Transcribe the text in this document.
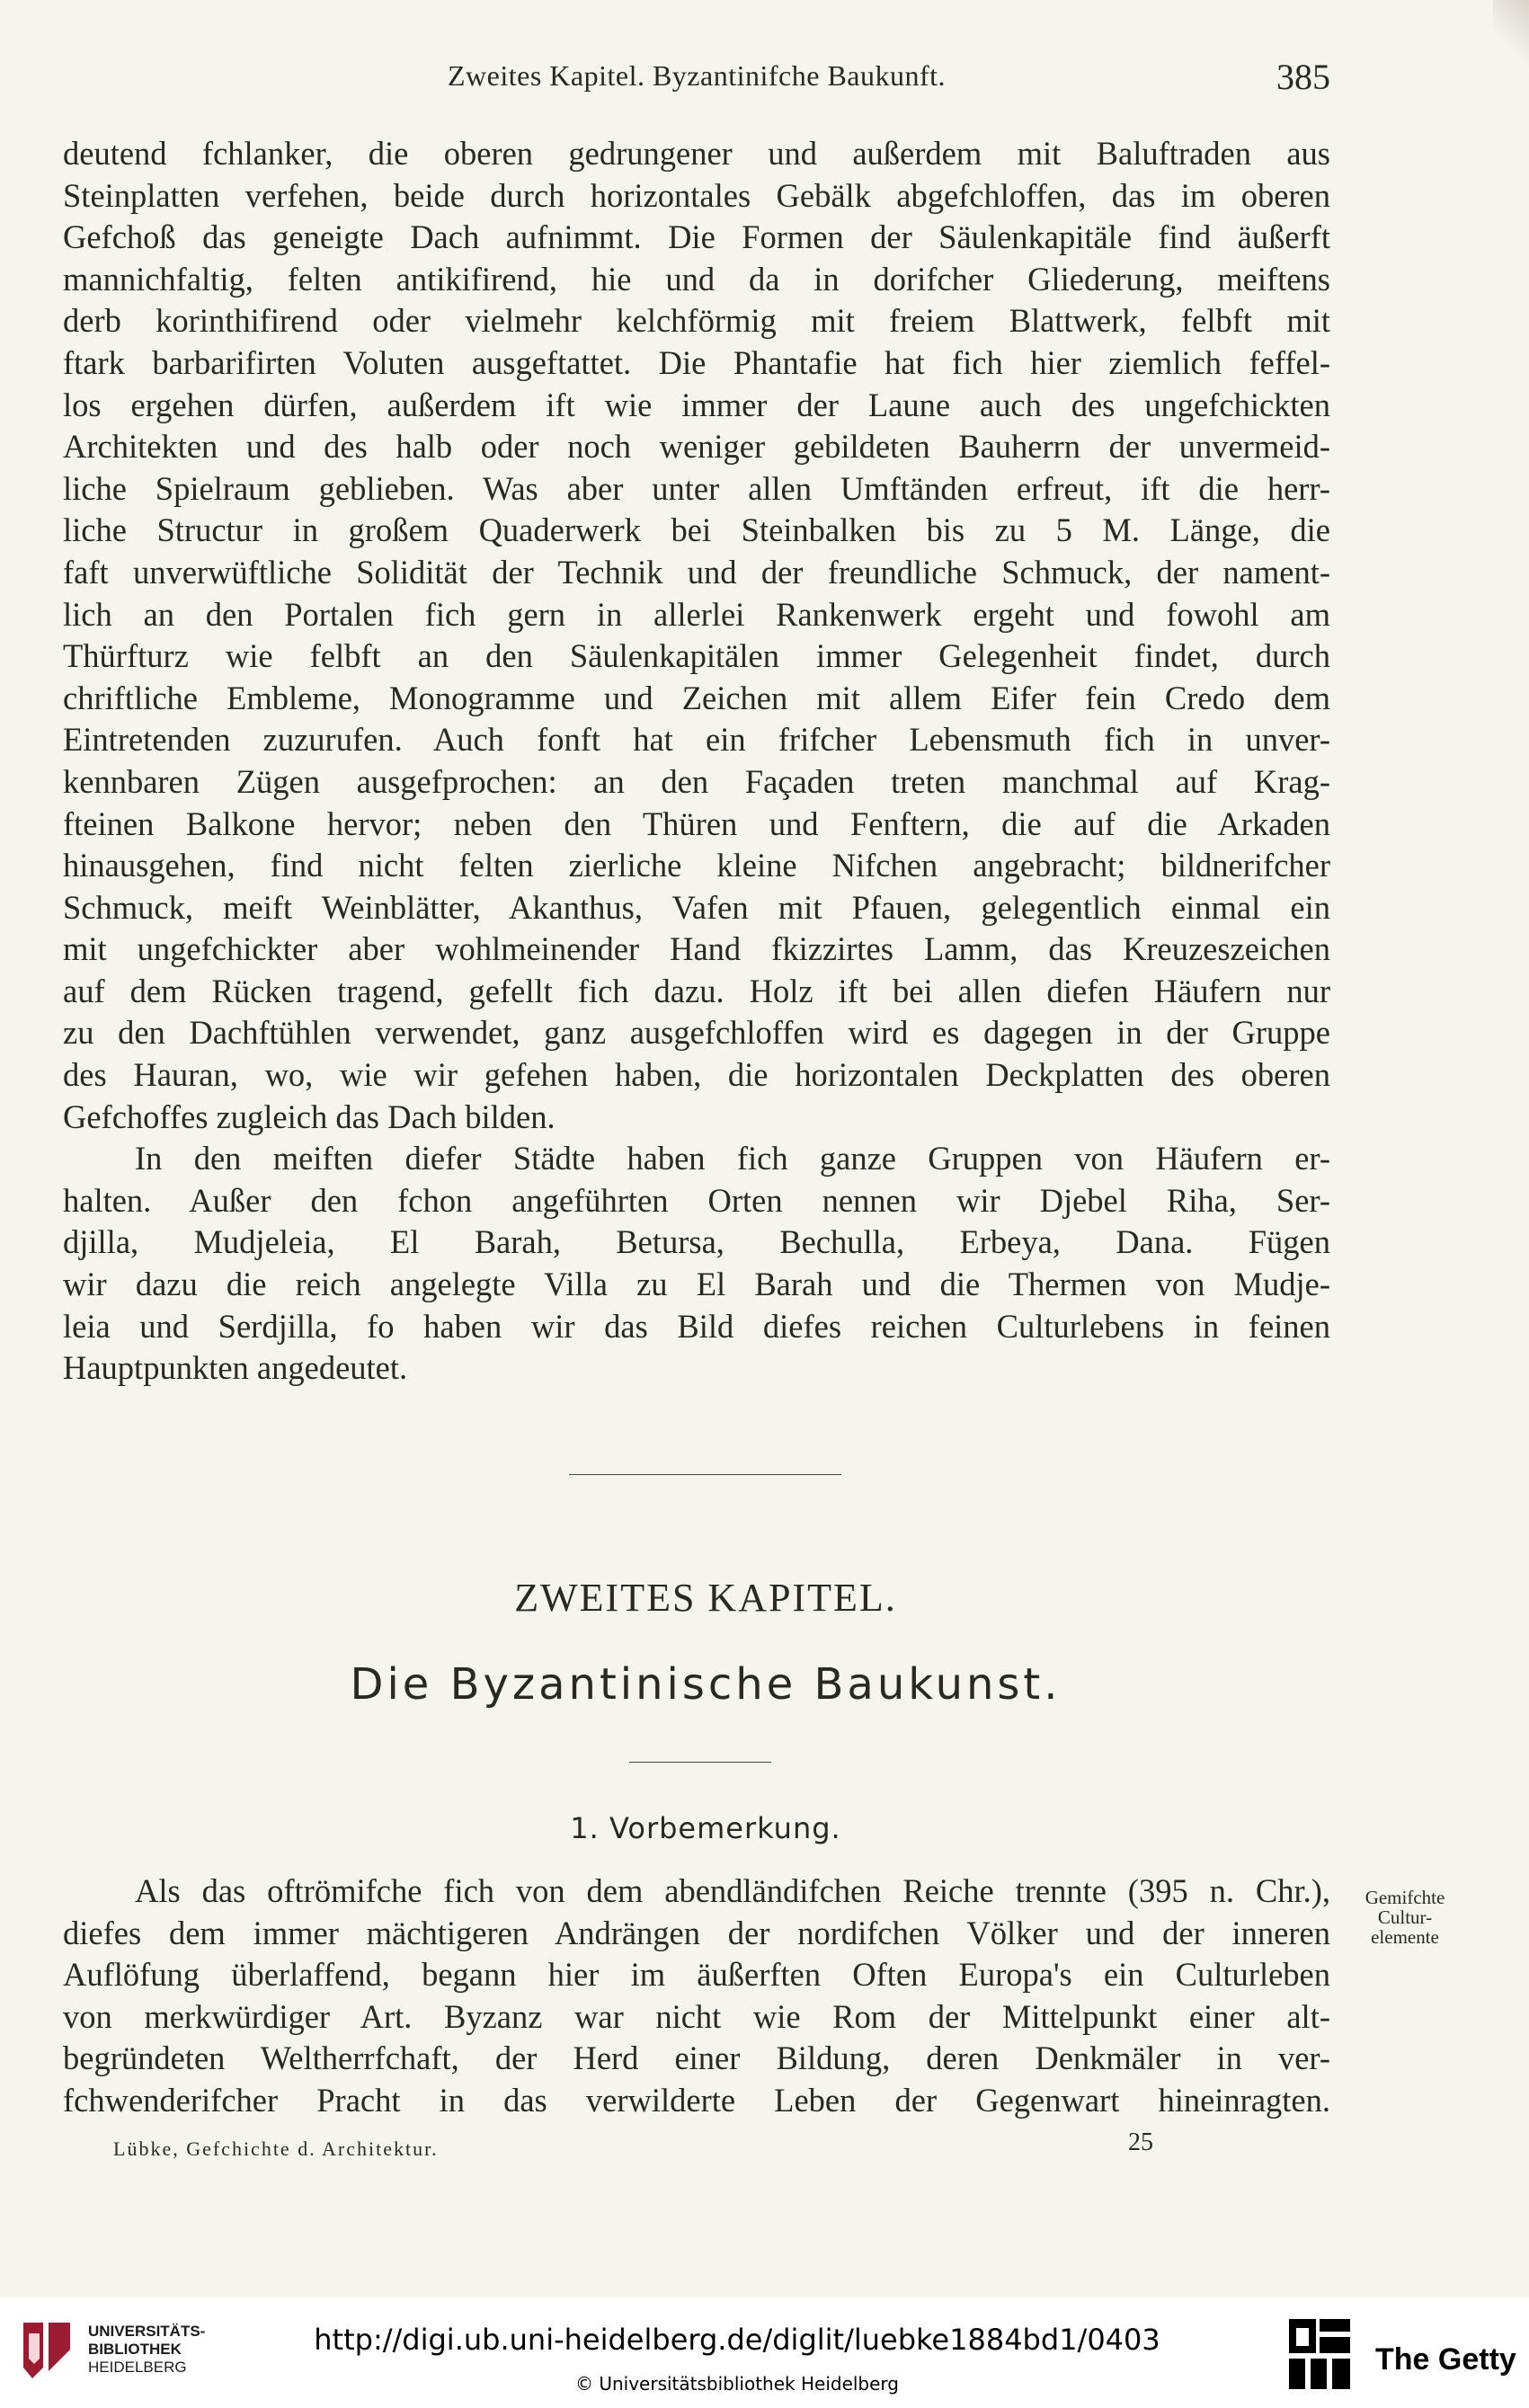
Zweites Kapitel. Byzantinifche Baukunft.	385
deutend fchlanker, die oberen gedrungener und außerdem mit Baluftraden aus
Steinplatten verfehen, beide durch horizontales Gebälk abgefchloffen, das im oberen
Gefchoß das geneigte Dach aufnimmt. Die Formen der Säulenkapitäle find äußerft
mannichfaltig, felten antikifirend, hie und da in dorifcher Gliederung, meiftens
derb korinthifirend oder vielmehr kelchförmig mit freiem Blattwerk, felbft mit
ftark barbarifirten Voluten ausgeftattet. Die Phantafie hat fich hier ziemlich feffel-
los ergehen dürfen, außerdem ift wie immer der Laune auch des ungefchickten
Architekten und des halb oder noch weniger gebildeten Bauherrn der unvermeid-
liche Spielraum geblieben. Was aber unter allen Umftänden erfreut, ift die herr-
liche Structur in großem Quaderwerk bei Steinbalken bis zu 5 M. Länge, die
faft unverwüftliche Solidität der Technik und der freundliche Schmuck, der nament-
lich an den Portalen fich gern in allerlei Rankenwerk ergeht und fowohl am
Thürfturz wie felbft an den Säulenkapitälen immer Gelegenheit findet, durch
chriftliche Embleme, Monogramme und Zeichen mit allem Eifer fein Credo dem
Eintretenden zuzurufen. Auch fonft hat ein frifcher Lebensmuth fich in unver-
kennbaren Zügen ausgefprochen: an den Façaden treten manchmal auf Krag-
fteinen Balkone hervor; neben den Thüren und Fenftern, die auf die Arkaden
hinausgehen, find nicht felten zierliche kleine Nifchen angebracht; bildnerifcher
Schmuck, meift Weinblätter, Akanthus, Vafen mit Pfauen, gelegentlich einmal ein
mit ungefchickter aber wohlmeinender Hand fkizzirtes Lamm, das Kreuzeszeichen
auf dem Rücken tragend, gefellt fich dazu. Holz ift bei allen diefen Häufern nur
zu den Dachftühlen verwendet, ganz ausgefchloffen wird es dagegen in der Gruppe
des Hauran, wo, wie wir gefehen haben, die horizontalen Deckplatten des oberen
Gefchoffes zugleich das Dach bilden.
In den meiften diefer Städte haben fich ganze Gruppen von Häufern er-
halten. Außer den fchon angeführten Orten nennen wir Djebel Riha, Ser-
djilla, Mudjeleia, El Barah, Betursa, Bechulla, Erbeya, Dana. Fügen
wir dazu die reich angelegte Villa zu El Barah und die Thermen von Mudje-
leia und Serdjilla, fo haben wir das Bild diefes reichen Culturlebens in feinen
Hauptpunkten angedeutet.
ZWEITES KAPITEL.
Die Byzantinische Baukunst.
1. Vorbemerkung.
Als das oftrömifche fich von dem abendländifchen Reiche trennte (395 n. Chr.),
diefes dem immer mächtigeren Andrängen der nordifchen Völker und der inneren
Auflöfung überlaffend, begann hier im äußerften Often Europa's ein Culturleben
von merkwürdiger Art. Byzanz war nicht wie Rom der Mittelpunkt einer alt-
begründeten Weltherrfchaft, der Herd einer Bildung, deren Denkmäler in ver-
fchwenderifcher Pracht in das verwilderte Leben der Gegenwart hineinragten.
Gemifchte
Cultur-
elemente
Lübke, Gefchichte d. Architektur.	25
UNIVERSITÄTS-
BIBLIOTHEK
HEIDELBERG
http://digi.ub.uni-heidelberg.de/diglit/luebke1884bd1/0403
© Universitätsbibliothek Heidelberg
The Getty
